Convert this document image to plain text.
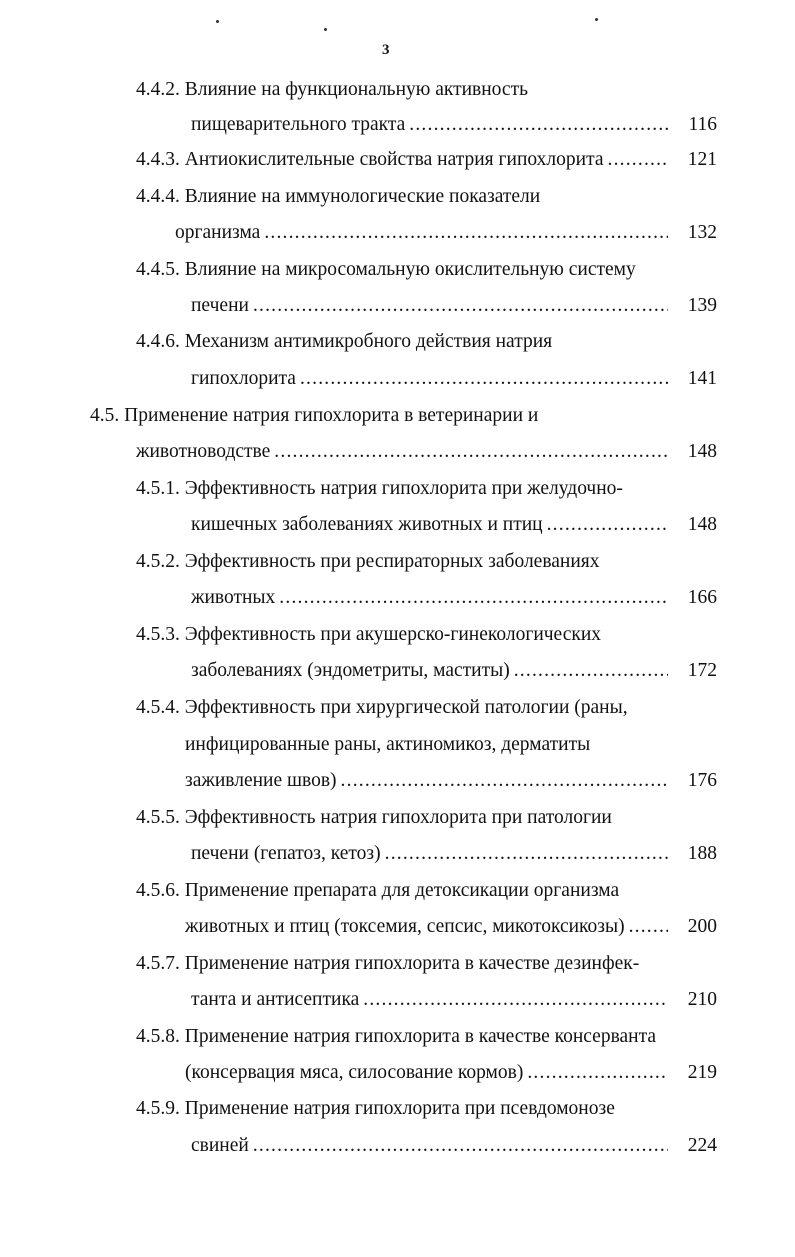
3
4.4.2. Влияние на функциональную активность
116
пищеварительного тракта
.....
121
4.4.3. Антиокислительные свойства натрия гипохлорита
.....
4.4.4. Влияние на иммунологические показатели
132
организма
.....
4.4.5. Влияние на микросомальную окислительную систему
139
печени
.....
4.4.6. Механизм антимикробного действия натрия
141
гипохлорита
.....
4.5. Применение натрия гипохлорита в ветеринарии и
148
животноводстве
.....
4.5.1. Эффективность натрия гипохлорита при желудочно-
148
кишечных заболеваниях животных и птиц
.....
4.5.2. Эффективность при респираторных заболеваниях
166
животных
.....
4.5.3. Эффективность при акушерско-гинекологических
172
заболеваниях (эндометриты, маститы)
.....
4.5.4. Эффективность при хирургической патологии (раны,
инфицированные раны, актиномикоз, дерматиты
176
заживление швов)
.....
4.5.5. Эффективность натрия гипохлорита при патологии
188
печени (гепатоз, кетоз)
.....
4.5.6. Применение препарата для детоксикации организма
200
животных и птиц (токсемия, сепсис, микотоксикозы)
.....
4.5.7. Применение натрия гипохлорита в качестве дезинфек-
210
танта и антисептика
.....
4.5.8. Применение натрия гипохлорита в качестве консерванта
219
(консервация мяса, силосование кормов)
.....
4.5.9. Применение натрия гипохлорита при псевдомонозе
224
свиней
.....
